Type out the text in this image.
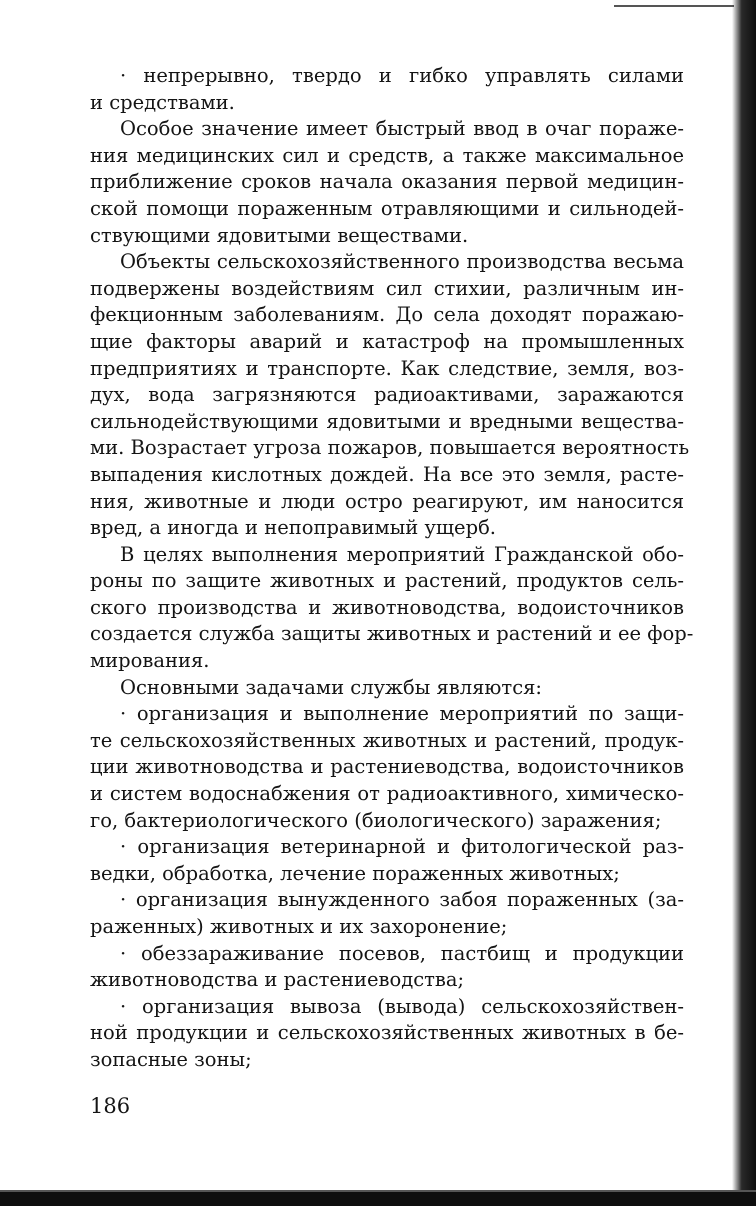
· непрерывно, твердо и гибко управлять силами
и средствами.
Особое значение имеет быстрый ввод в очаг пораже-
ния медицинских сил и средств, а также максимальное
приближение сроков начала оказания первой медицин-
ской помощи пораженным отравляющими и сильнодей-
ствующими ядовитыми веществами.
Объекты сельскохозяйственного производства весьма
подвержены воздействиям сил стихии, различным ин-
фекционным заболеваниям. До села доходят поражаю-
щие факторы аварий и катастроф на промышленных
предприятиях и транспорте. Как следствие, земля, воз-
дух, вода загрязняются радиоактивами, заражаются
сильнодействующими ядовитыми и вредными вещества-
ми. Возрастает угроза пожаров, повышается вероятность
выпадения кислотных дождей. На все это земля, расте-
ния, животные и люди остро реагируют, им наносится
вред, а иногда и непоправимый ущерб.
В целях выполнения мероприятий Гражданской обо-
роны по защите животных и растений, продуктов сель-
ского производства и животноводства, водоисточников
создается служба защиты животных и растений и ее фор-
мирования.
Основными задачами службы являются:
· организация и выполнение мероприятий по защи-
те сельскохозяйственных животных и растений, продук-
ции животноводства и растениеводства, водоисточников
и систем водоснабжения от радиоактивного, химическо-
го, бактериологического (биологического) заражения;
· организация ветеринарной и фитологической раз-
ведки, обработка, лечение пораженных животных;
· организация вынужденного забоя пораженных (за-
раженных) животных и их захоронение;
· обеззараживание посевов, пастбищ и продукции
животноводства и растениеводства;
· организация вывоза (вывода) сельскохозяйствен-
ной продукции и сельскохозяйственных животных в бе-
зопасные зоны;
186
